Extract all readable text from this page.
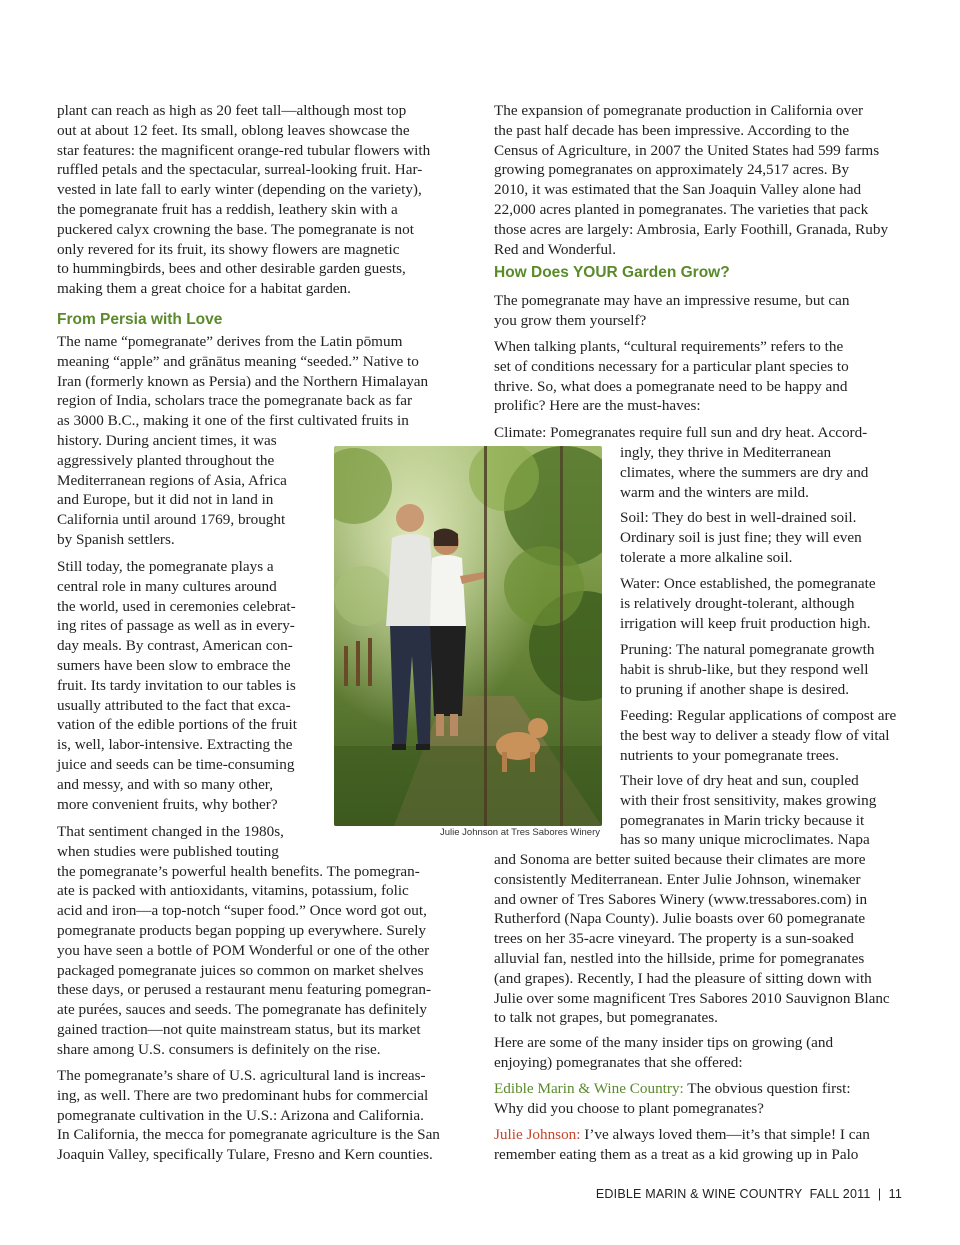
plant can reach as high as 20 feet tall—although most top
out at about 12 feet. Its small, oblong leaves showcase the
star features: the magnificent orange-red tubular flowers with
ruffled petals and the spectacular, surreal-looking fruit. Har-
vested in late fall to early winter (depending on the variety),
the pomegranate fruit has a reddish, leathery skin with a
puckered calyx crowning the base. The pomegranate is not
only revered for its fruit, its showy flowers are magnetic
to hummingbirds, bees and other desirable garden guests,
making them a great choice for a habitat garden.
From Persia with Love
The name “pomegranate” derives from the Latin pōmum
meaning “apple” and grānātus meaning “seeded.” Native to
Iran (formerly known as Persia) and the Northern Himalayan
region of India, scholars trace the pomegranate back as far
as 3000 B.C., making it one of the first cultivated fruits in
history. During ancient times, it was
aggressively planted throughout the
Mediterranean regions of Asia, Africa
and Europe, but it did not in land in
California until around 1769, brought
by Spanish settlers.
Still today, the pomegranate plays a
central role in many cultures around
the world, used in ceremonies celebrat-
ing rites of passage as well as in every-
day meals. By contrast, American con-
sumers have been slow to embrace the
fruit. Its tardy invitation to our tables is
usually attributed to the fact that exca-
vation of the edible portions of the fruit
is, well, labor-intensive. Extracting the
juice and seeds can be time-consuming
and messy, and with so many other,
more convenient fruits, why bother?
That sentiment changed in the 1980s,
when studies were published touting
the pomegranate’s powerful health benefits. The pomegran-
ate is packed with antioxidants, vitamins, potassium, folic
acid and iron—a top-notch “super food.” Once word got out,
pomegranate products began popping up everywhere. Surely
you have seen a bottle of POM Wonderful or one of the other
packaged pomegranate juices so common on market shelves
these days, or perused a restaurant menu featuring pomegran-
ate purées, sauces and seeds. The pomegranate has definitely
gained traction—not quite mainstream status, but its market
share among U.S. consumers is definitely on the rise.
The pomegranate’s share of U.S. agricultural land is increas-
ing, as well. There are two predominant hubs for commercial
pomegranate cultivation in the U.S.: Arizona and California.
In California, the mecca for pomegranate agriculture is the San
Joaquin Valley, specifically Tulare, Fresno and Kern counties.
Julie Johnson at Tres Sabores Winery
The expansion of pomegranate production in California over
the past half decade has been impressive. According to the
Census of Agriculture, in 2007 the United States had 599 farms
growing pomegranates on approximately 24,517 acres. By
2010, it was estimated that the San Joaquin Valley alone had
22,000 acres planted in pomegranates. The varieties that pack
those acres are largely: Ambrosia, Early Foothill, Granada, Ruby
Red and Wonderful.
How Does YOUR Garden Grow?
The pomegranate may have an impressive resume, but can
you grow them yourself?
When talking plants, “cultural requirements” refers to the
set of conditions necessary for a particular plant species to
thrive. So, what does a pomegranate need to be happy and
prolific? Here are the must-haves:
Climate: Pomegranates require full sun and dry heat. Accord-
ingly, they thrive in Mediterranean
climates, where the summers are dry and
warm and the winters are mild.
Soil: They do best in well-drained soil.
Ordinary soil is just fine; they will even
tolerate a more alkaline soil.
Water: Once established, the pomegranate
is relatively drought-tolerant, although
irrigation will keep fruit production high.
Pruning: The natural pomegranate growth
habit is shrub-like, but they respond well
to pruning if another shape is desired.
Feeding: Regular applications of compost are
the best way to deliver a steady flow of vital
nutrients to your pomegranate trees.
Their love of dry heat and sun, coupled
with their frost sensitivity, makes growing
pomegranates in Marin tricky because it
has so many unique microclimates. Napa
and Sonoma are better suited because their climates are more
consistently Mediterranean. Enter Julie Johnson, winemaker
and owner of Tres Sabores Winery (www.tressabores.com) in
Rutherford (Napa County). Julie boasts over 60 pomegranate
trees on her 35-acre vineyard. The property is a sun-soaked
alluvial fan, nestled into the hillside, prime for pomegranates
(and grapes). Recently, I had the pleasure of sitting down with
Julie over some magnificent Tres Sabores 2010 Sauvignon Blanc
to talk not grapes, but pomegranates.
Here are some of the many insider tips on growing (and
enjoying) pomegranates that she offered:
Edible Marin & Wine Country: The obvious question first:
Why did you choose to plant pomegranates?
Julie Johnson: I’ve always loved them—it’s that simple! I can
remember eating them as a treat as a kid growing up in Palo
EDIBLE MARIN & WINE COUNTRY  FALL 2011  |  11
